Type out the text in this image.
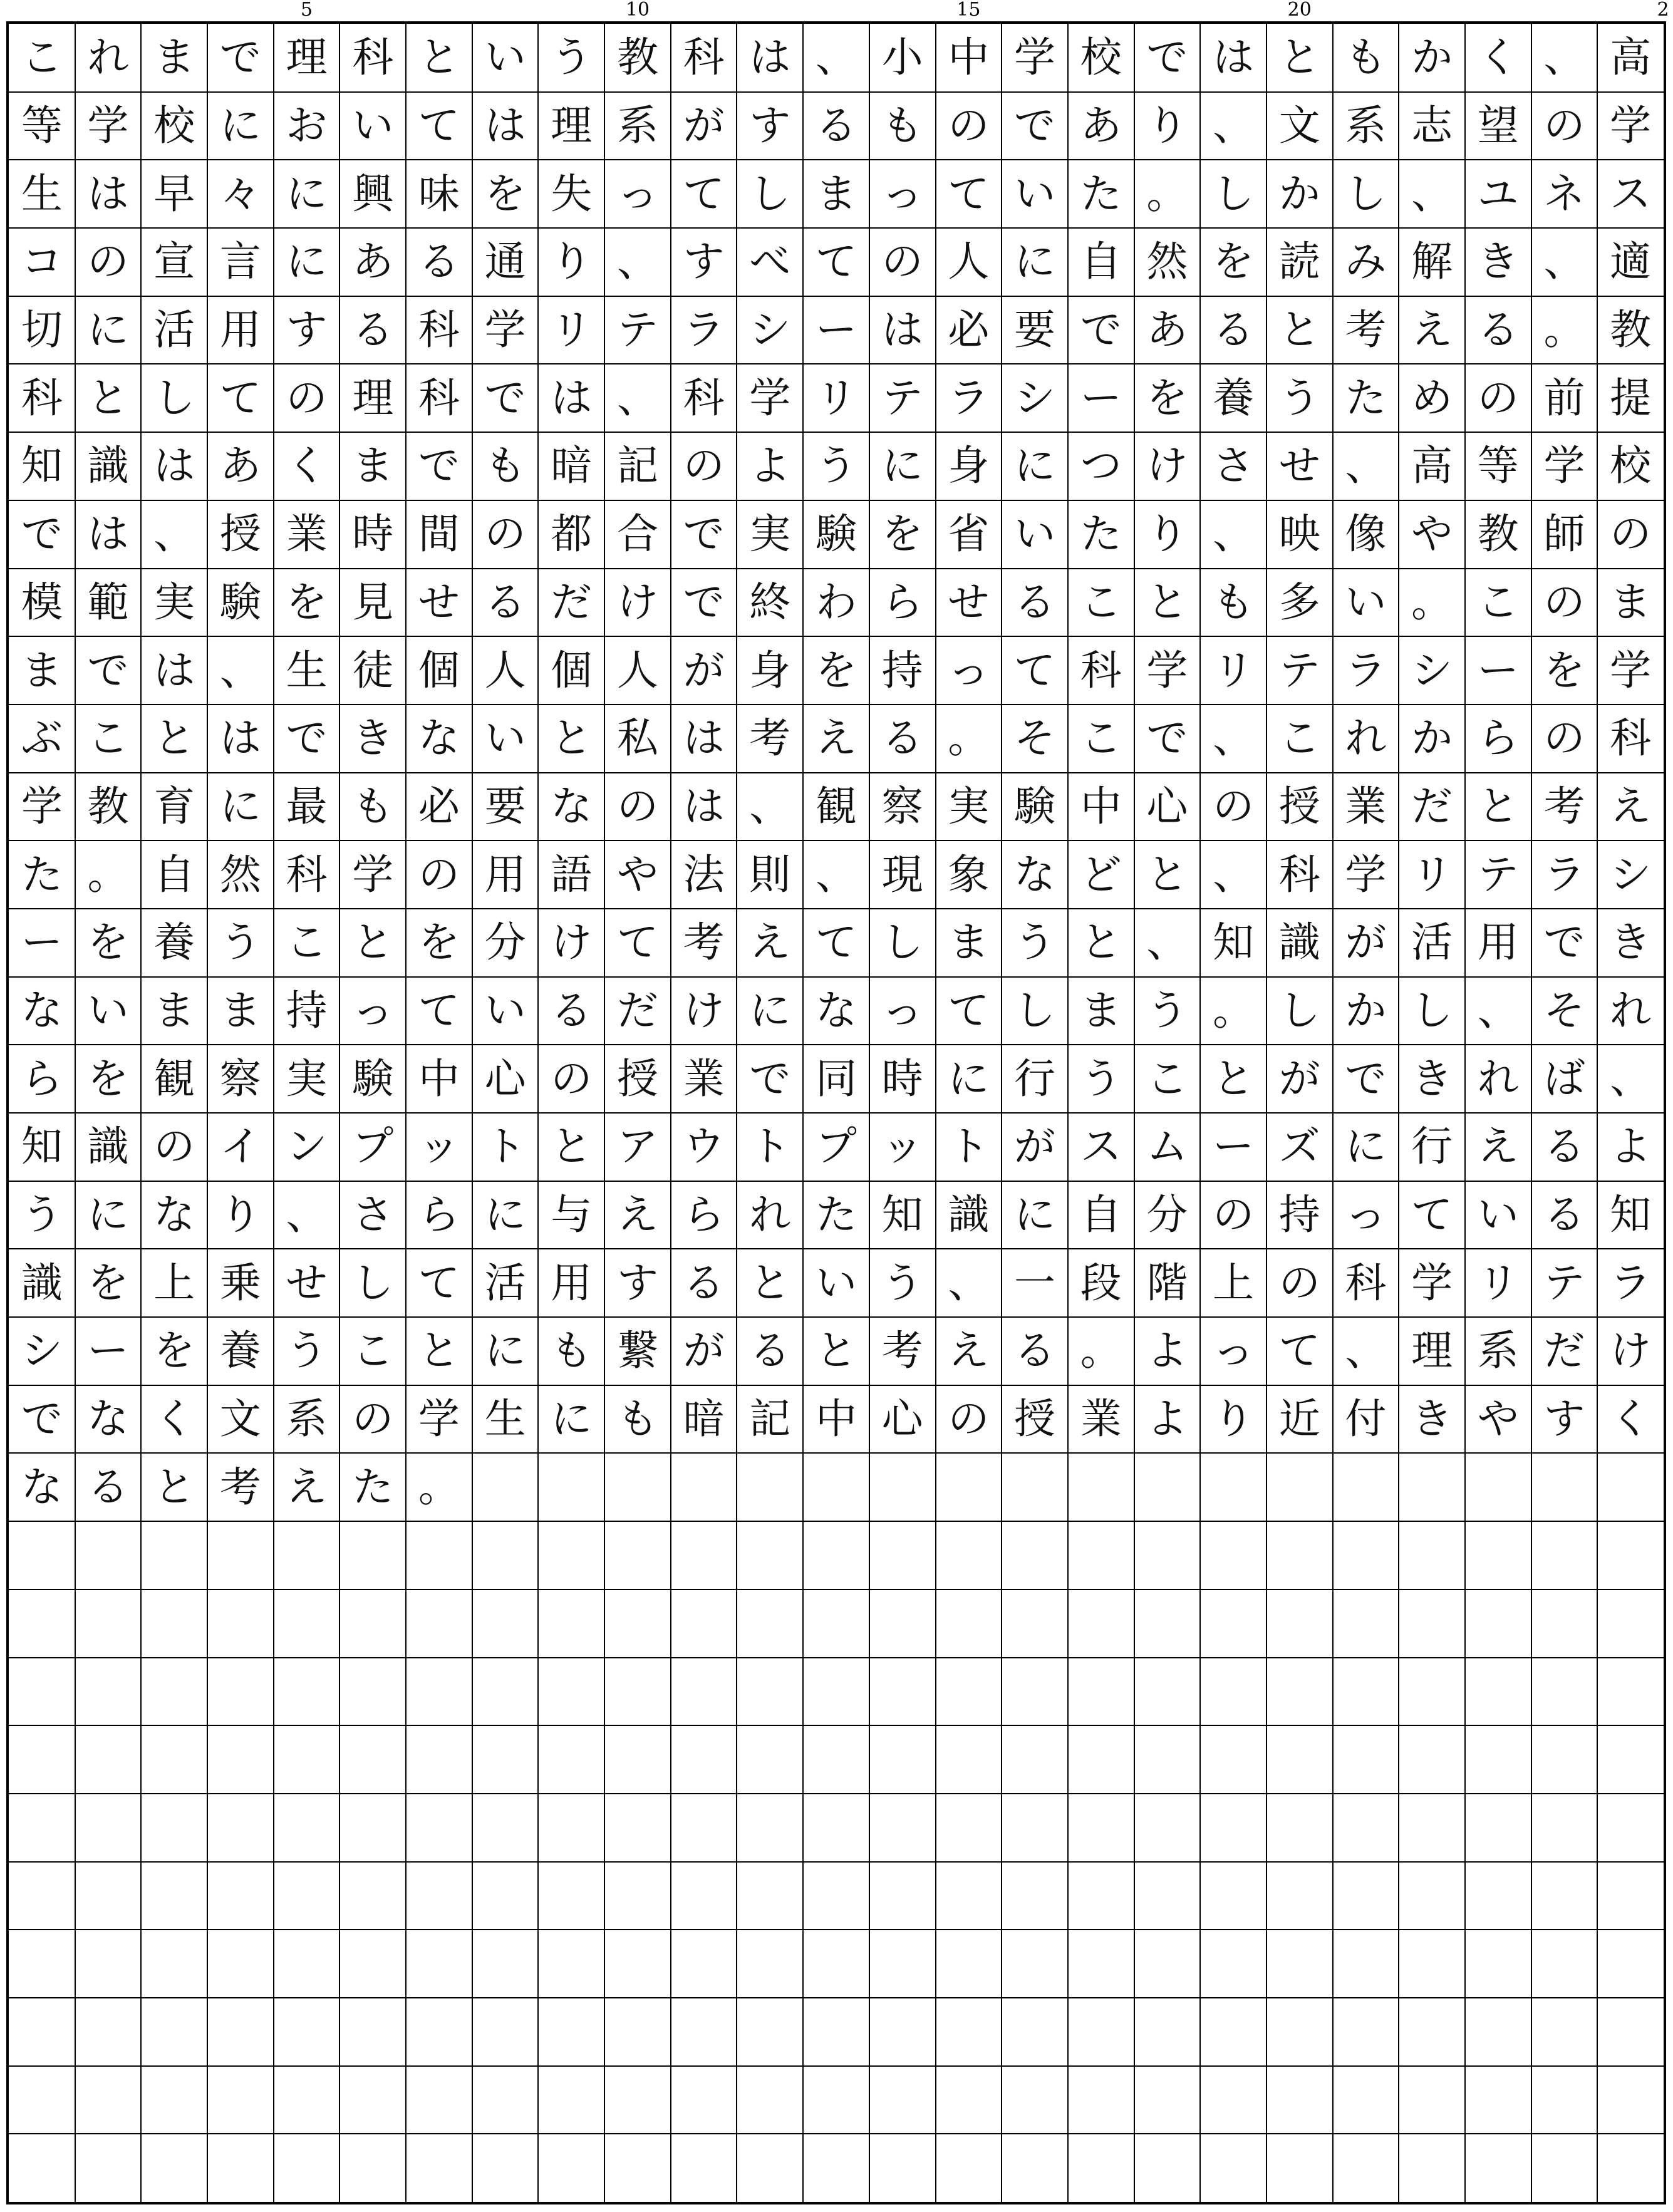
5	10	15	20	2
こ れ ま で 理 科 と い う 教 科 は 、 小 中 学 校 で は と も か く 、 高
等 学 校 に お い て は 理 系 が す る も の で あ り 、 文 系 志 望 の 学
生 は 早 々 に 興 味 を 失 っ て し ま っ て い た 。 し か し 、 ユ ネ ス
コ の 宣 言 に あ る 通 り 、 す べ て の 人 に 自 然 を 読 み 解 き 、 適
切 に 活 用 す る 科 学 リ テ ラ シ ー は 必 要 で あ る と 考 え る 。 教
科 と し て の 理 科 で は 、 科 学 リ テ ラ シ ー を 養 う た め の 前 提
知 識 は あ く ま で も 暗 記 の よ う に 身 に つ け さ せ 、 高 等 学 校
で は 、 授 業 時 間 の 都 合 で 実 験 を 省 い た り 、 映 像 や 教 師 の
模 範 実 験 を 見 せ る だ け で 終 わ ら せ る こ と も 多 い 。 こ の ま
ま で は 、 生 徒 個 人 個 人 が 身 を 持 っ て 科 学 リ テ ラ シ ー を 学
ぶ こ と は で き な い と 私 は 考 え る 。 そ こ で 、 こ れ か ら の 科
学 教 育 に 最 も 必 要 な の は 、 観 察 実 験 中 心 の 授 業 だ と 考 え
た 。 自 然 科 学 の 用 語 や 法 則 、 現 象 な ど と 、 科 学 リ テ ラ シ
ー を 養 う こ と を 分 け て 考 え て し ま う と 、 知 識 が 活 用 で き
な い ま ま 持 っ て い る だ け に な っ て し ま う 。 し か し 、 そ れ
ら を 観 察 実 験 中 心 の 授 業 で 同 時 に 行 う こ と が で き れ ば 、
知 識 の イ ン プ ッ ト と ア ウ ト プ ッ ト が ス ム ー ズ に 行 え る よ
う に な り 、 さ ら に 与 え ら れ た 知 識 に 自 分 の 持 っ て い る 知
識 を 上 乗 せ し て 活 用 す る と い う 、 一 段 階 上 の 科 学 リ テ ラ
シ ー を 養 う こ と に も 繋 が る と 考 え る 。 よ っ て 、 理 系 だ け
で な く 文 系 の 学 生 に も 暗 記 中 心 の 授 業 よ り 近 付 き や す く
な る と 考 え た 。
